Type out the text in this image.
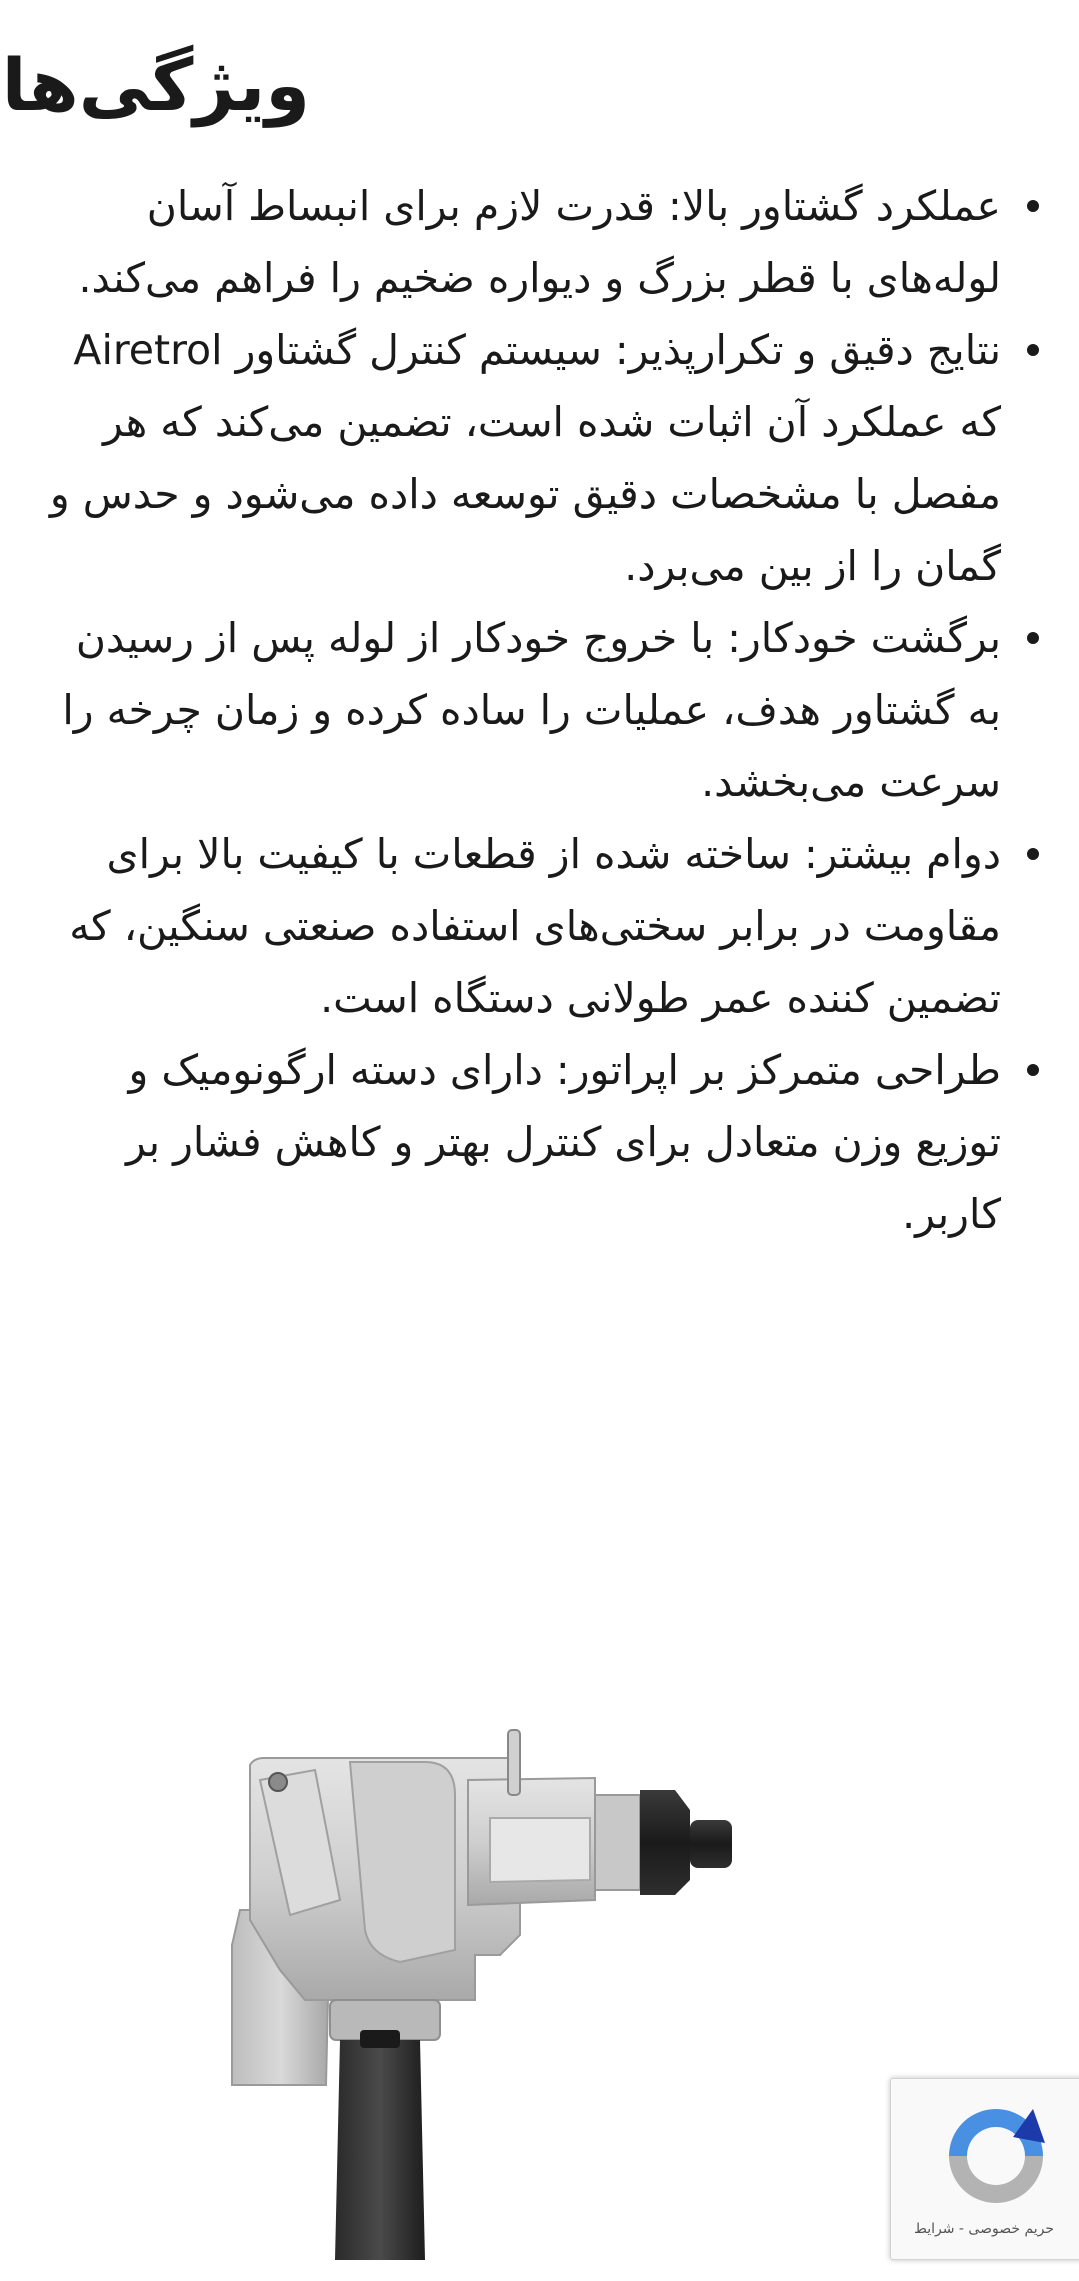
ویژگی‌ها
عملکرد گشتاور بالا: قدرت لازم برای انبساط آسان لوله‌های با قطر بزرگ و دیواره ضخیم را فراهم می‌کند.
نتایج دقیق و تکرارپذیر: سیستم کنترل گشتاور Airetrol که عملکرد آن اثبات شده است، تضمین می‌کند که هر مفصل با مشخصات دقیق توسعه داده می‌شود و حدس و گمان را از بین می‌برد.
برگشت خودکار: با خروج خودکار از لوله پس از رسیدن به گشتاور هدف، عملیات را ساده کرده و زمان چرخه را سرعت می‌بخشد.
دوام بیشتر: ساخته شده از قطعات با کیفیت بالا برای مقاومت در برابر سختی‌های استفاده صنعتی سنگین، که تضمین کننده عمر طولانی دستگاه است.
طراحی متمرکز بر اپراتور: دارای دسته ارگونومیک و توزیع وزن متعادل برای کنترل بهتر و کاهش فشار بر کاربر.
حریم خصوصی - شرایط
